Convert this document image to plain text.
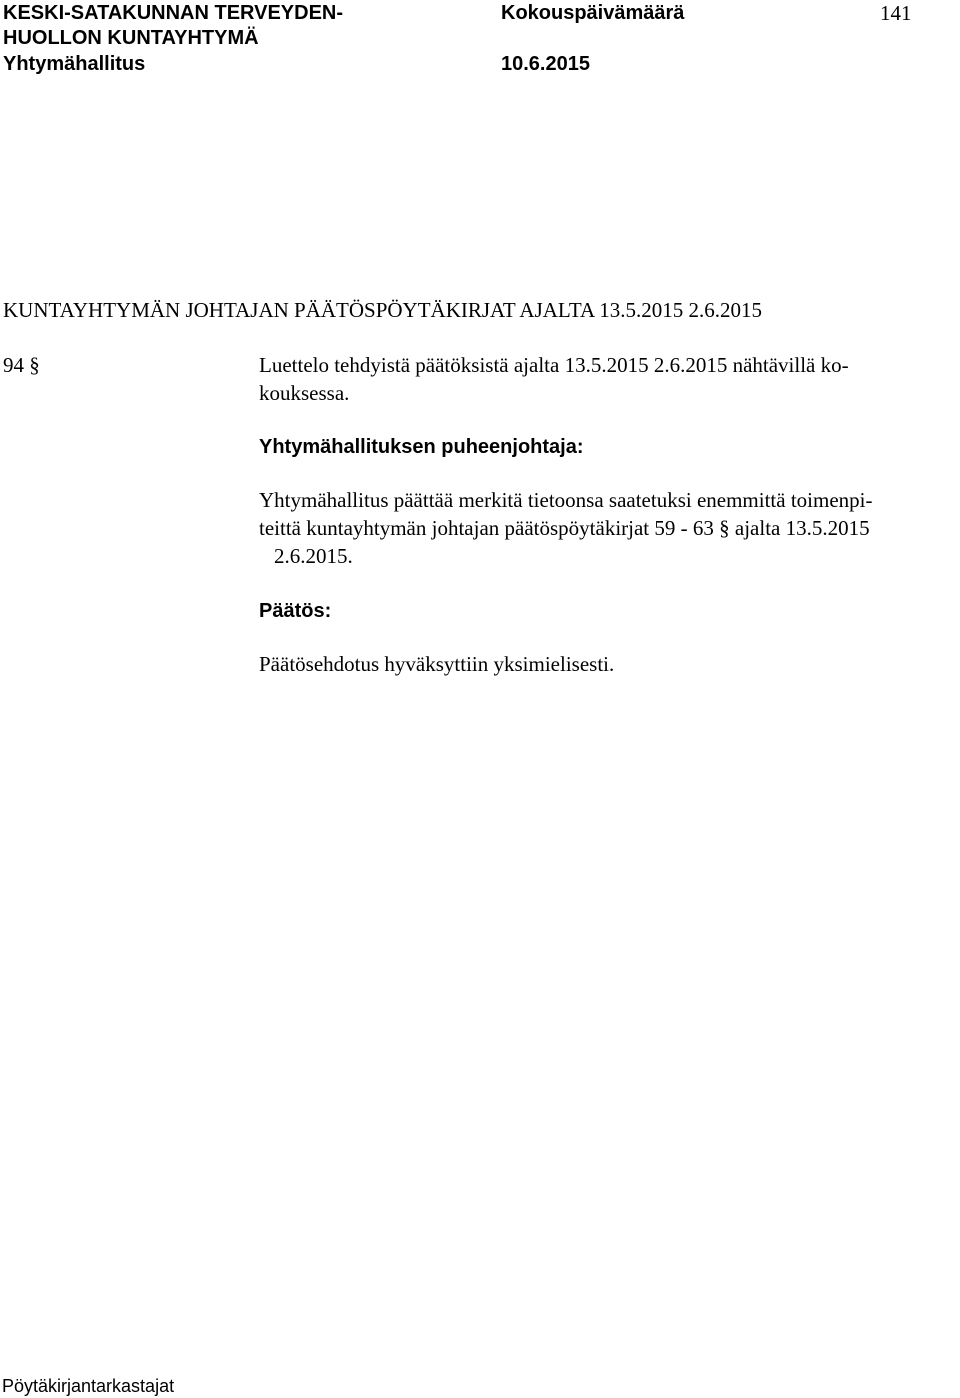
KESKI-SATAKUNNAN TERVEYDEN-
HUOLLON KUNTAYHTYMÄ
Yhtymähallitus
Kokouspäivämäärä
10.6.2015
141
KUNTAYHTYMÄN JOHTAJAN PÄÄTÖSPÖYTÄKIRJAT AJALTA 13.5.2015 2.6.2015
94 §	Luettelo tehdyistä päätöksistä ajalta 13.5.2015 2.6.2015 nähtävillä ko-
kouksessa.
Yhtymähallituksen puheenjohtaja:
Yhtymähallitus päättää merkitä tietoonsa saatetuksi enemmittä toimenpi-
teittä kuntayhtymän johtajan päätöspöytäkirjat 59 - 63 § ajalta 13.5.2015
2.6.2015.
Päätös:
Päätösehdotus hyväksyttiin yksimielisesti.
Pöytäkirjantarkastajat
